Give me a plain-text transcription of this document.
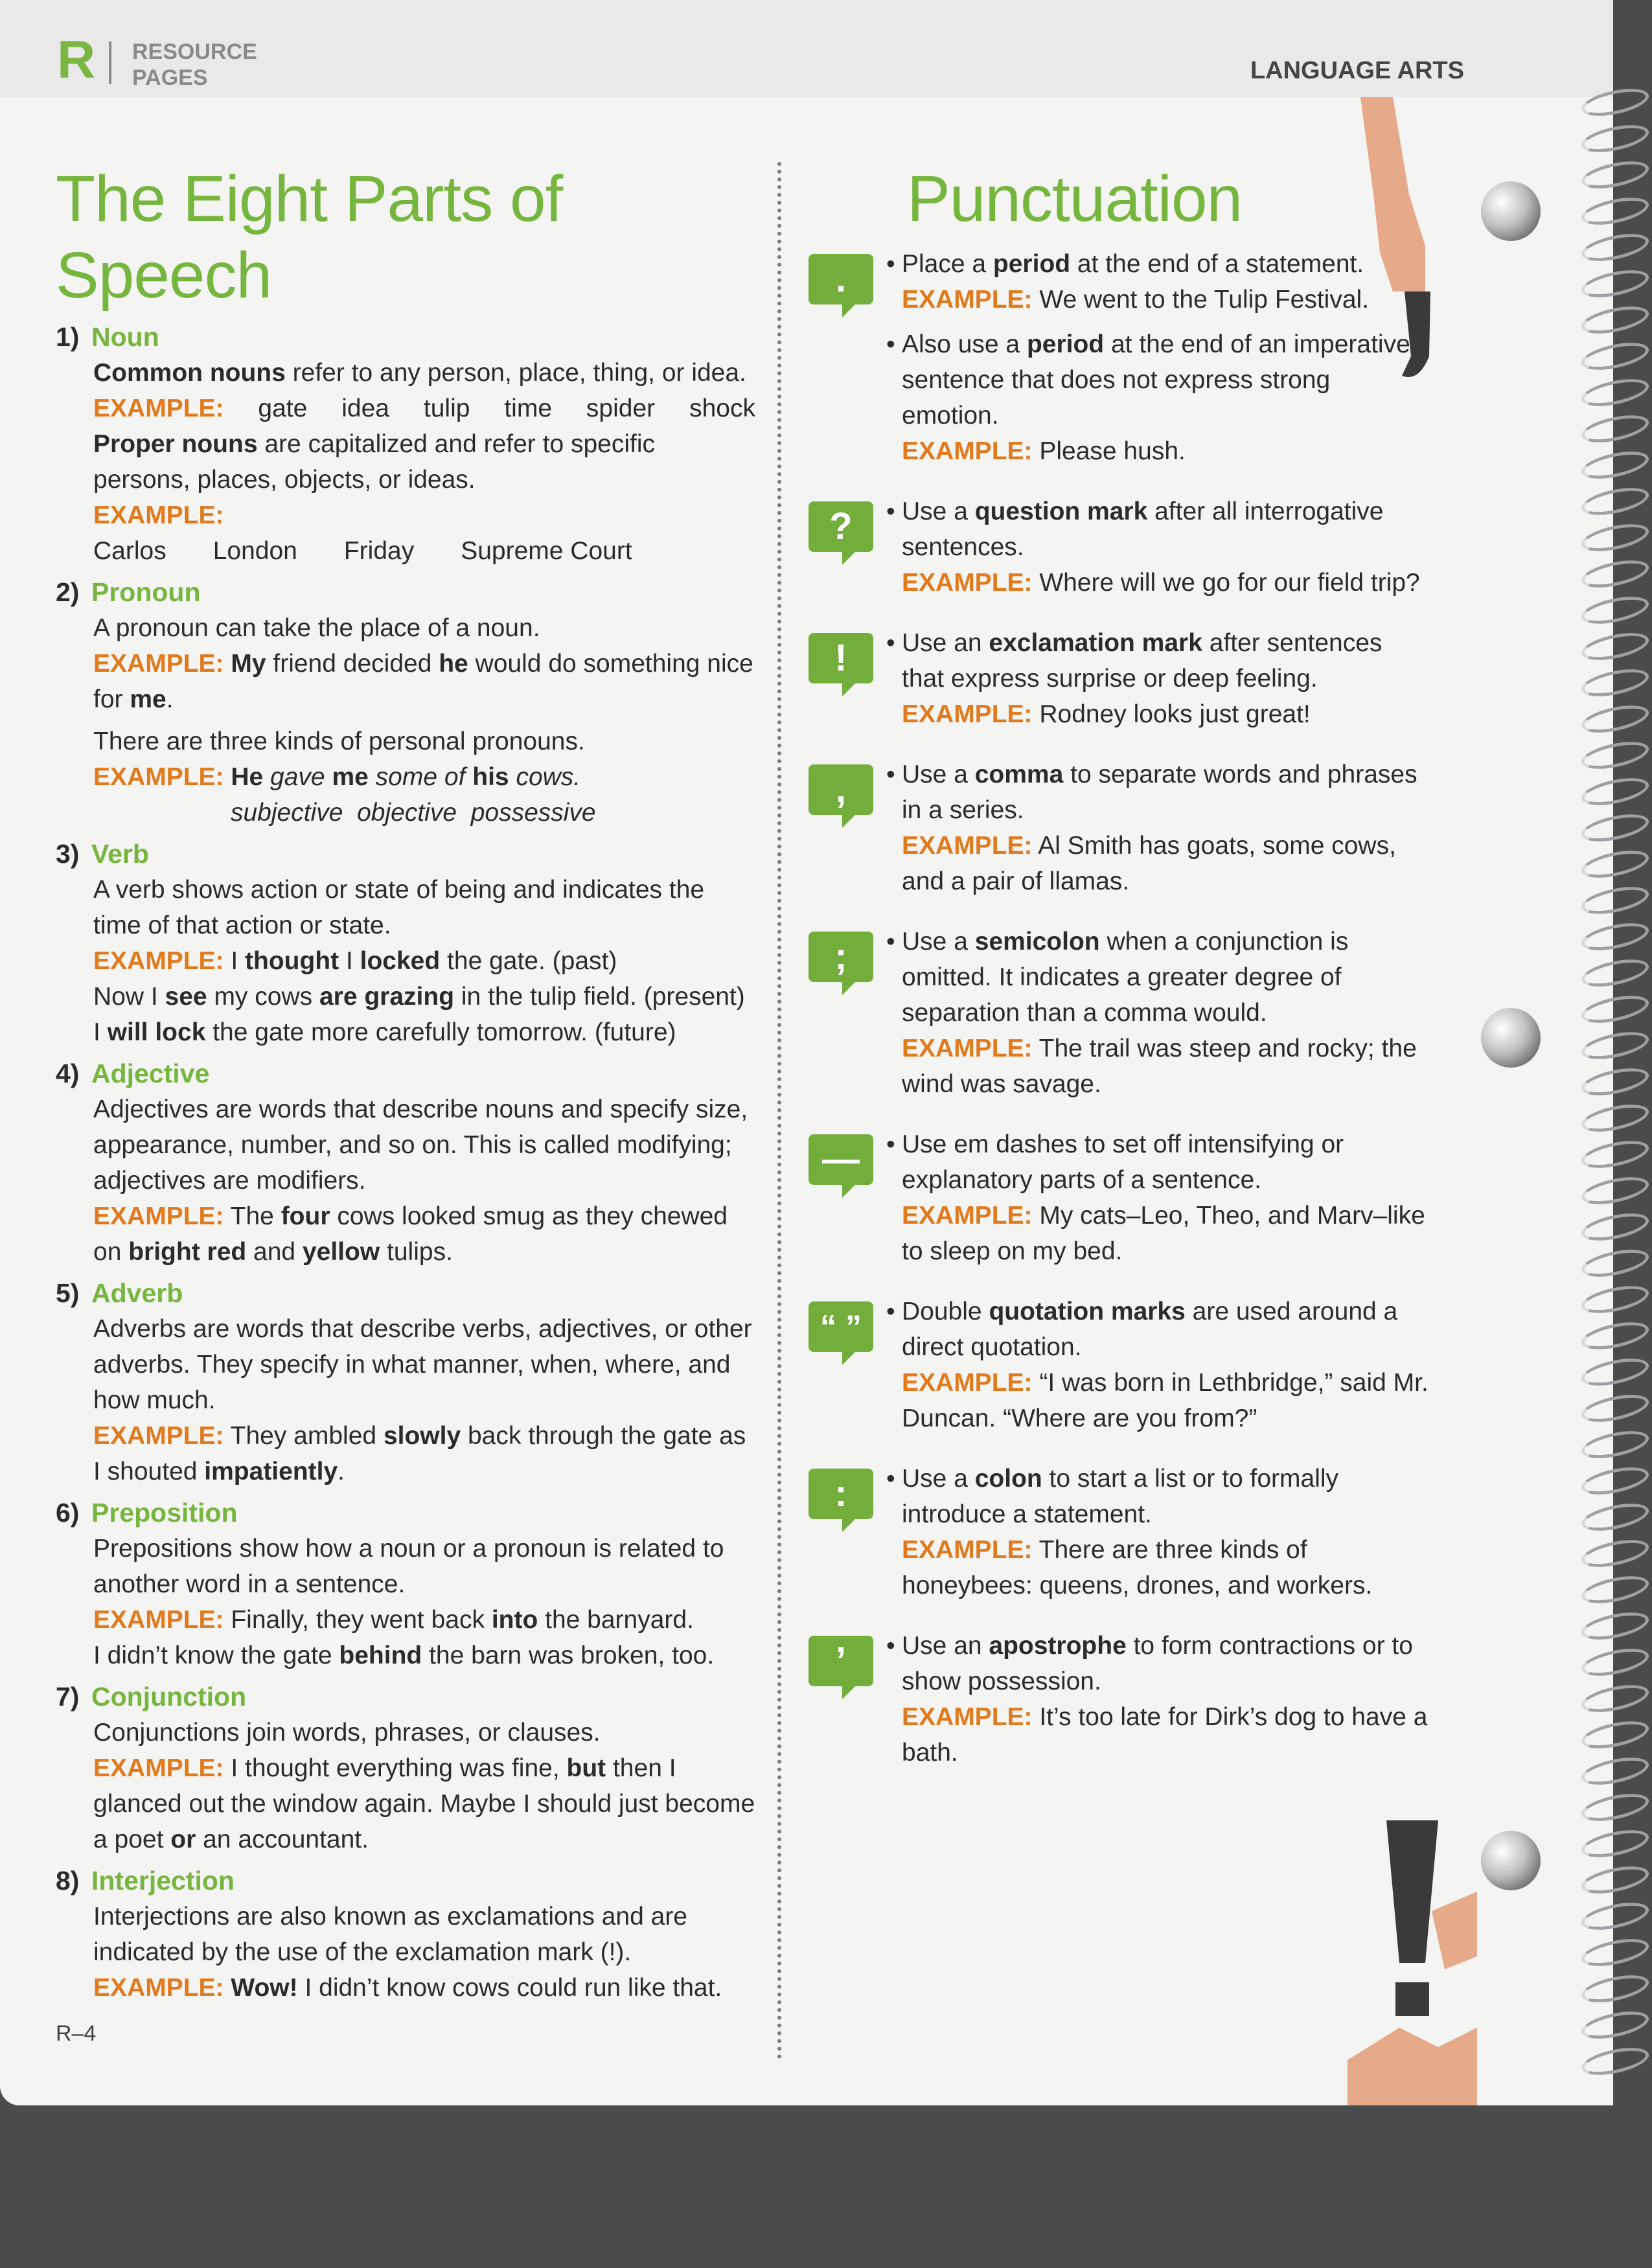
R RESOURCE
PAGES	LANGUAGE ARTS
The Eight Parts of Speech
1) Noun

Common nouns refer to any person, place, thing, or idea.

EXAMPLE: gate idea tulip time spider shock

Proper nouns are capitalized and refer to specific persons, places, objects, or ideas.

EXAMPLE:

Carlos London Friday Supreme Court

2) Pronoun

A pronoun can take the place of a noun.

EXAMPLE: My friend decided he would do something nice for me.

There are three kinds of personal pronouns.

EXAMPLE: He gave me some of his cows.

subjective  objective  possessive

3) Verb

A verb shows action or state of being and indicates the time of that action or state.

EXAMPLE: I thought I locked the gate. (past)

Now I see my cows are grazing in the tulip field. (present)

I will lock the gate more carefully tomorrow. (future)

4) Adjective

Adjectives are words that describe nouns and specify size, appearance, number, and so on. This is called modifying; adjectives are modifiers.

EXAMPLE: The four cows looked smug as they chewed on bright red and yellow tulips.

5) Adverb

Adverbs are words that describe verbs, adjectives, or other adverbs. They specify in what manner, when, where, and how much.

EXAMPLE: They ambled slowly back through the gate as I shouted impatiently.

6) Preposition

Prepositions show how a noun or a pronoun is related to another word in a sentence.

EXAMPLE: Finally, they went back into the barnyard.

I didn’t know the gate behind the barn was broken, too.

7) Conjunction

Conjunctions join words, phrases, or clauses.

EXAMPLE: I thought everything was fine, but then I glanced out the window again. Maybe I should just become a poet or an accountant.

8) Interjection

Interjections are also known as exclamations and are indicated by the use of the exclamation mark (!).

EXAMPLE: Wow! I didn’t know cows could run like that.

Punctuation
.	• Place a period at the end of a statement.
EXAMPLE: We went to the Tulip Festival.

• Also use a period at the end of an imperative sentence that does not express strong emotion.
EXAMPLE: Please hush.

?	• Use a question mark after all interrogative sentences.
EXAMPLE: Where will we go for our field trip?

!	• Use an exclamation mark after sentences that express surprise or deep feeling.
EXAMPLE: Rodney looks just great!

,	• Use a comma to separate words and phrases in a series.
EXAMPLE: Al Smith has goats, some cows, and a pair of llamas.

;	• Use a semicolon when a conjunction is omitted. It indicates a greater degree of separation than a comma would.
EXAMPLE: The trail was steep and rocky; the wind was savage.

—	• Use em dashes to set off intensifying or explanatory parts of a sentence.
EXAMPLE: My cats–Leo, Theo, and Marv–like to sleep on my bed.

“ ” • Double quotation marks are used around a direct quotation.
EXAMPLE: “I was born in Lethbridge,” said Mr. Duncan. “Where are you from?”

:	• Use a colon to start a list or to formally introduce a statement.
EXAMPLE: There are three kinds of honeybees: queens, drones, and workers.

’	• Use an apostrophe to form contractions or to show possession.
EXAMPLE: It’s too late for Dirk’s dog to have a bath.

R–4
